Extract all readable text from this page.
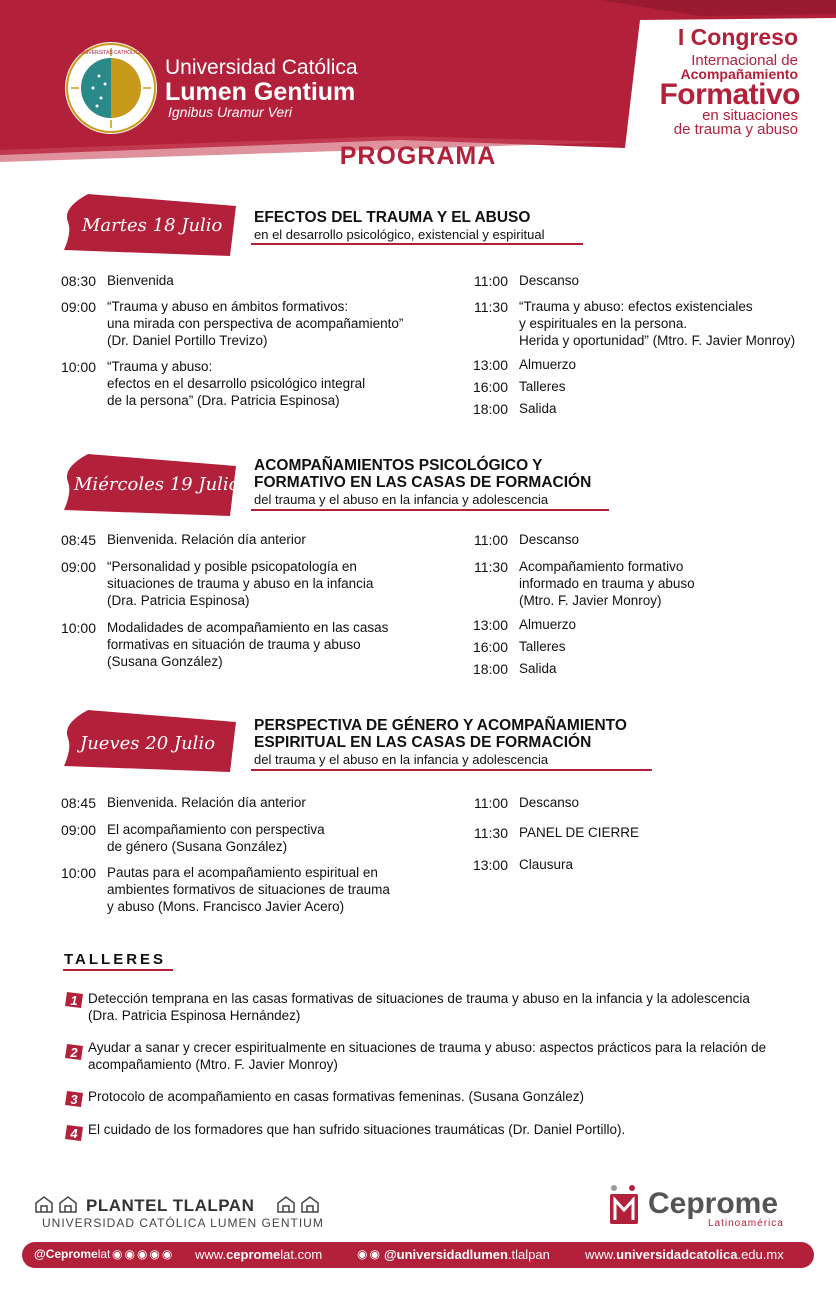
UNIVERSITAS CATHOLICA
Universidad Católica
Lumen Gentium
Ignibus Uramur Veri
I Congreso
Internacional de
Acompañamiento
Formativo
en situaciones
de trauma y abuso
PROGRAMA
Martes 18 Julio EFECTOS DEL TRAUMA Y EL ABUSO
en el desarrollo psicológico, existencial y espiritual
08:30 Bienvenida
09:00 “Trauma y abuso en ámbitos formativos:
una mirada con perspectiva de acompañamiento”
(Dr. Daniel Portillo Trevizo)
10:00 “Trauma y abuso:
efectos en el desarrollo psicológico integral
de la persona” (Dra. Patricia Espinosa)
11:00 Descanso
11:30 “Trauma y abuso: efectos existenciales
y espirituales en la persona.
Herida y oportunidad” (Mtro. F. Javier Monroy)
13:00 Almuerzo
16:00 Talleres
18:00 Salida
Miércoles 19 Julio
ACOMPAÑAMIENTOS PSICOLÓGICO Y
FORMATIVO EN LAS CASAS DE FORMACIÓN
del trauma y el abuso en la infancia y adolescencia
08:45 Bienvenida. Relación día anterior
09:00 “Personalidad y posible psicopatología en
situaciones de trauma y abuso en la infancia
(Dra. Patricia Espinosa)
10:00 Modalidades de acompañamiento en las casas
formativas en situación de trauma y abuso
(Susana González)
11:00 Descanso
11:30 Acompañamiento formativo
informado en trauma y abuso
(Mtro. F. Javier Monroy)
13:00 Almuerzo
16:00 Talleres
18:00 Salida
Jueves 20 Julio
PERSPECTIVA DE GÉNERO Y ACOMPAÑAMIENTO
ESPIRITUAL EN LAS CASAS DE FORMACIÓN
del trauma y el abuso en la infancia y adolescencia
08:45 Bienvenida. Relación día anterior
09:00 El acompañamiento con perspectiva
de género (Susana González)
10:00 Pautas para el acompañamiento espiritual en
ambientes formativos de situaciones de trauma
y abuso (Mons. Francisco Javier Acero)
11:00 Descanso
11:30 PANEL DE CIERRE
13:00 Clausura
TALLERES
1 Detección temprana en las casas formativas de situaciones de trauma y abuso en la infancia y la adolescencia
(Dra. Patricia Espinosa Hernández)
2 Ayudar a sanar y crecer espiritualmente en situaciones de trauma y abuso: aspectos prácticos para la relación de
acompañamiento (Mtro. F. Javier Monroy)
3 Protocolo de acompañamiento en casas formativas femeninas. (Susana González)
4 El cuidado de los formadores que han sufrido situaciones traumáticas (Dr. Daniel Portillo).
PLANTEL TLALPAN
UNIVERSIDAD CATÓLICA LUMEN GENTIUM
Ceprome
Latinoamérica
@Cepromelat ◉◉◉◉◉ www.cepromelat.com	◉◉ @universidadlumen.tlalpan	www.universidadcatolica.edu.mx
